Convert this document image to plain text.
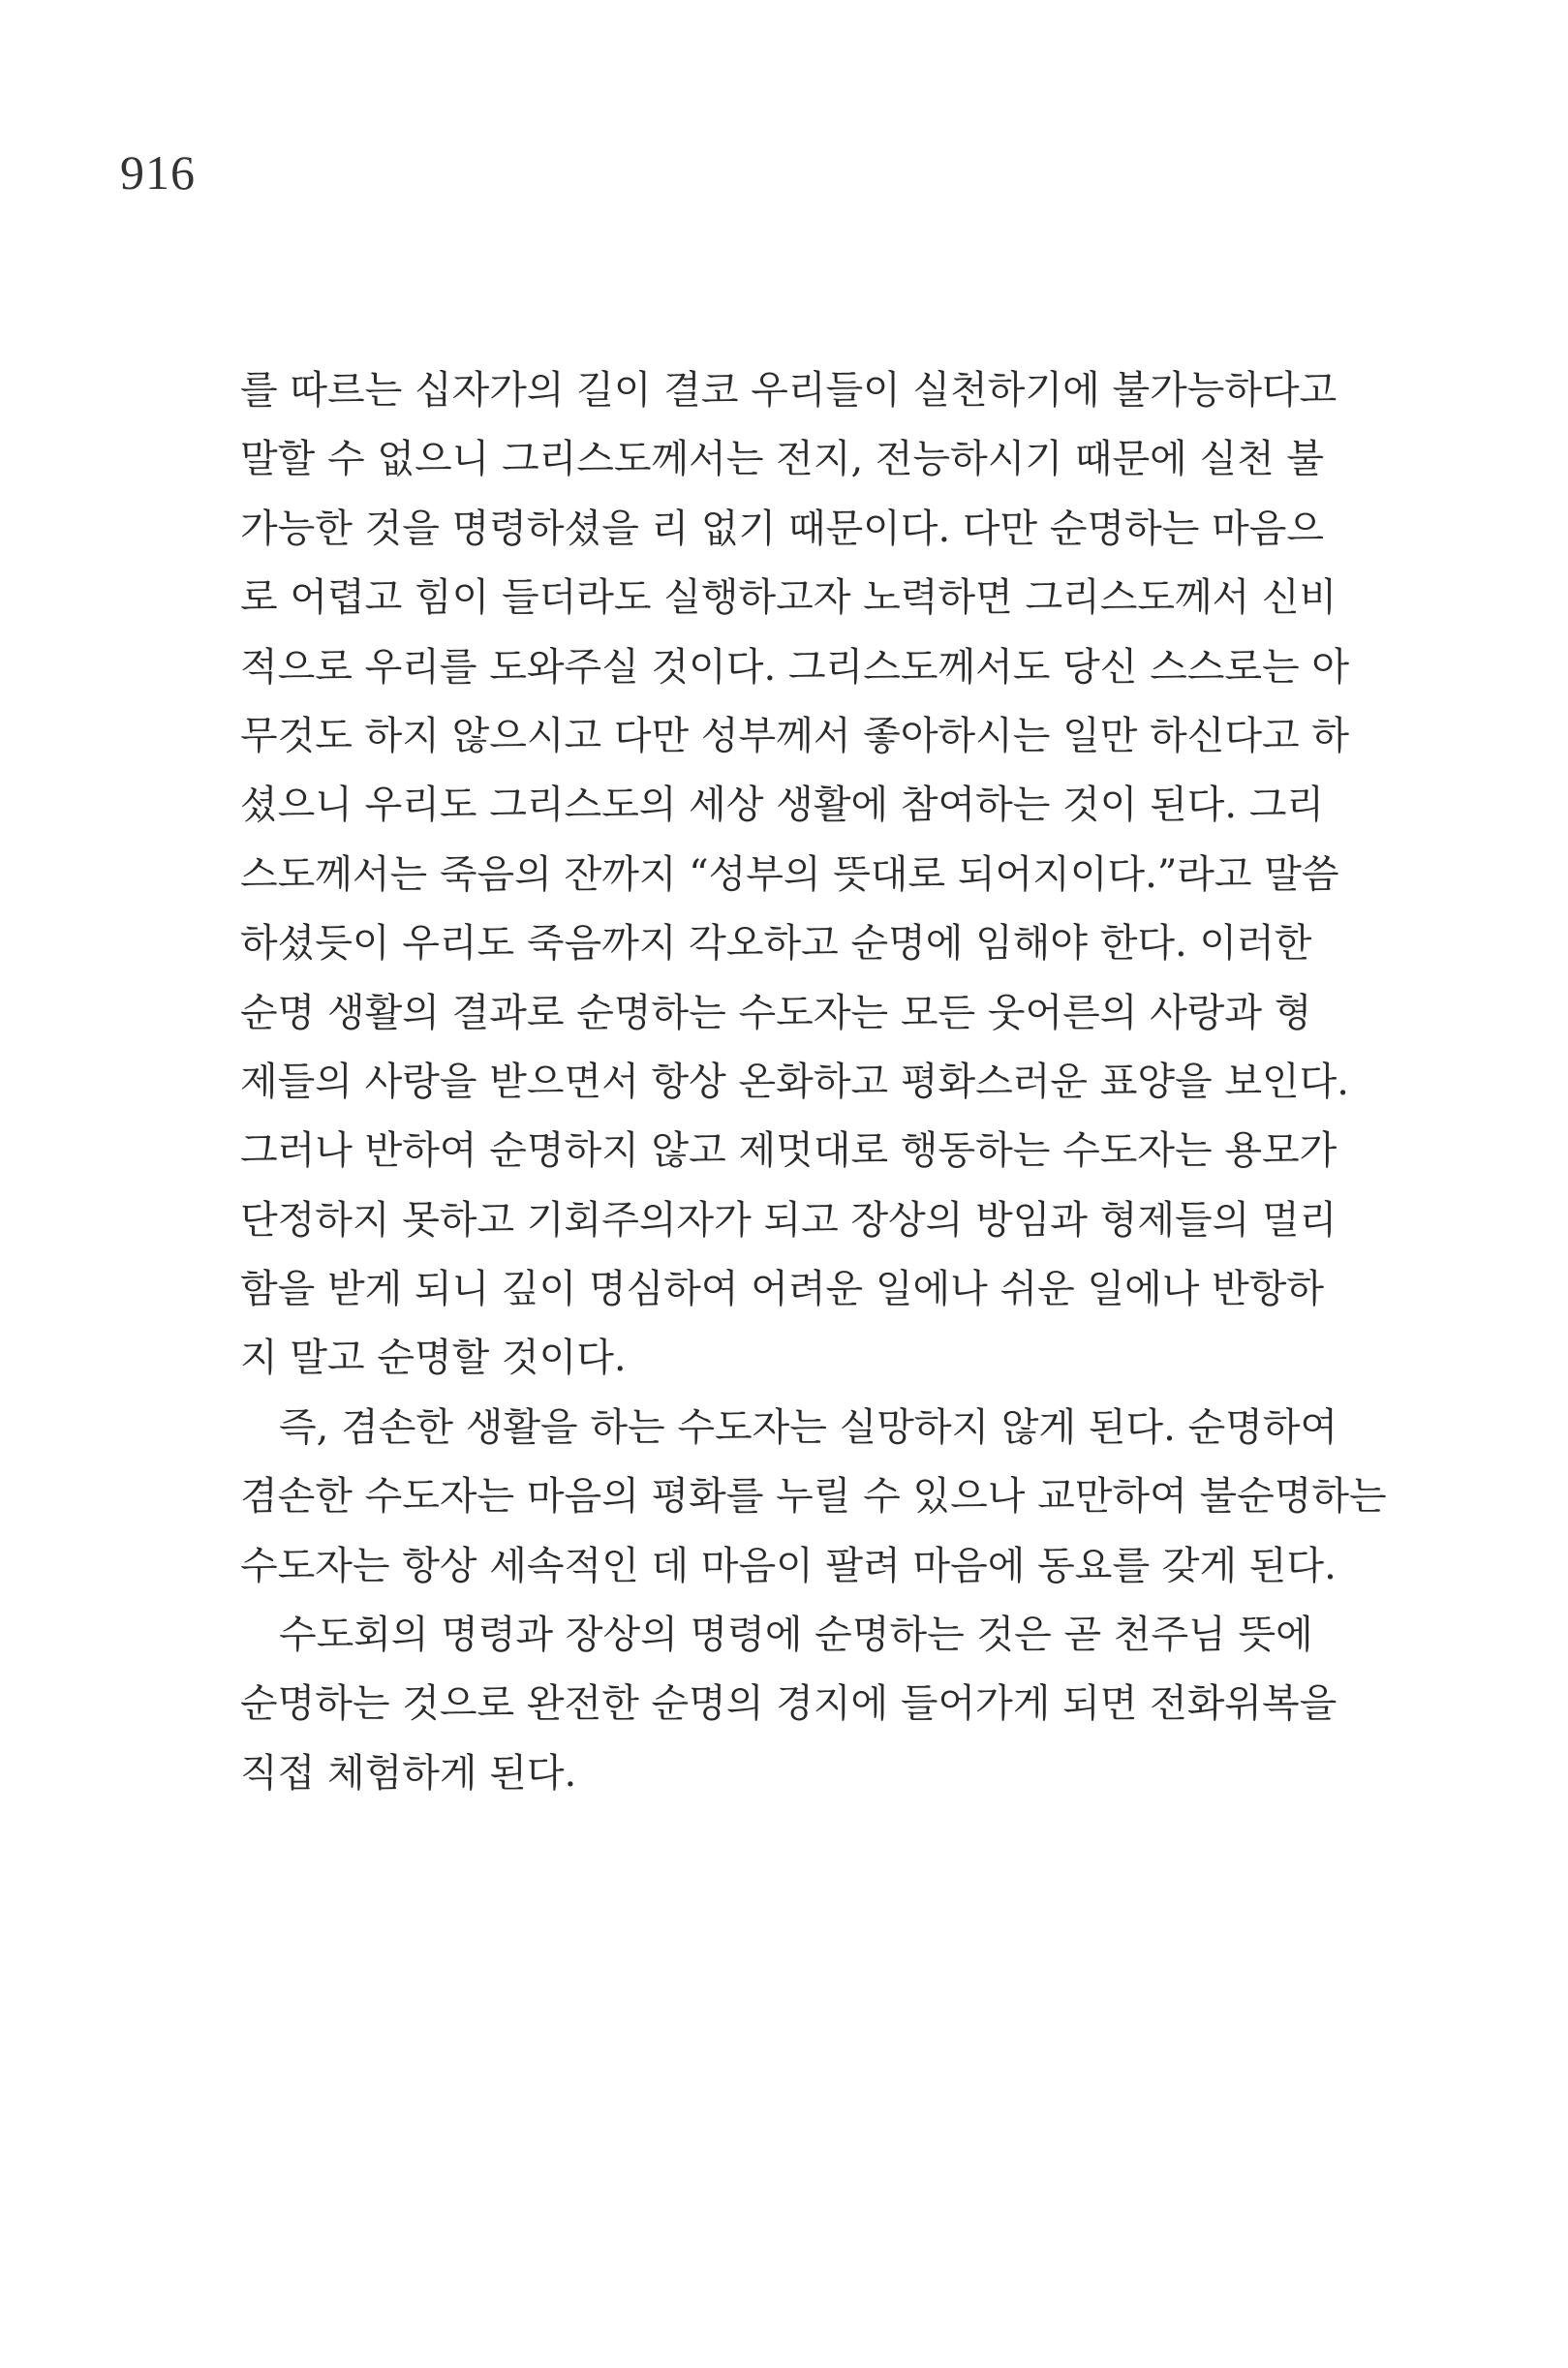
916
를 따르는 십자가의 길이 결코 우리들이 실천하기에 불가능하다고
말할 수 없으니 그리스도께서는 전지, 전능하시기 때문에 실천 불
가능한 것을 명령하셨을 리 없기 때문이다. 다만 순명하는 마음으
로 어렵고 힘이 들더라도 실행하고자 노력하면 그리스도께서 신비
적으로 우리를 도와주실 것이다. 그리스도께서도 당신 스스로는 아
무것도 하지 않으시고 다만 성부께서 좋아하시는 일만 하신다고 하
셨으니 우리도 그리스도의 세상 생활에 참여하는 것이 된다. 그리
스도께서는 죽음의 잔까지 “성부의 뜻대로 되어지이다.”라고 말씀
하셨듯이 우리도 죽음까지 각오하고 순명에 임해야 한다. 이러한
순명 생활의 결과로 순명하는 수도자는 모든 웃어른의 사랑과 형
제들의 사랑을 받으면서 항상 온화하고 평화스러운 표양을 보인다.
그러나 반하여 순명하지 않고 제멋대로 행동하는 수도자는 용모가
단정하지 못하고 기회주의자가 되고 장상의 방임과 형제들의 멀리
함을 받게 되니 깊이 명심하여 어려운 일에나 쉬운 일에나 반항하
지 말고 순명할 것이다.
즉, 겸손한 생활을 하는 수도자는 실망하지 않게 된다. 순명하여
겸손한 수도자는 마음의 평화를 누릴 수 있으나 교만하여 불순명하는
수도자는 항상 세속적인 데 마음이 팔려 마음에 동요를 갖게 된다.
수도회의 명령과 장상의 명령에 순명하는 것은 곧 천주님 뜻에
순명하는 것으로 완전한 순명의 경지에 들어가게 되면 전화위복을
직접 체험하게 된다.
